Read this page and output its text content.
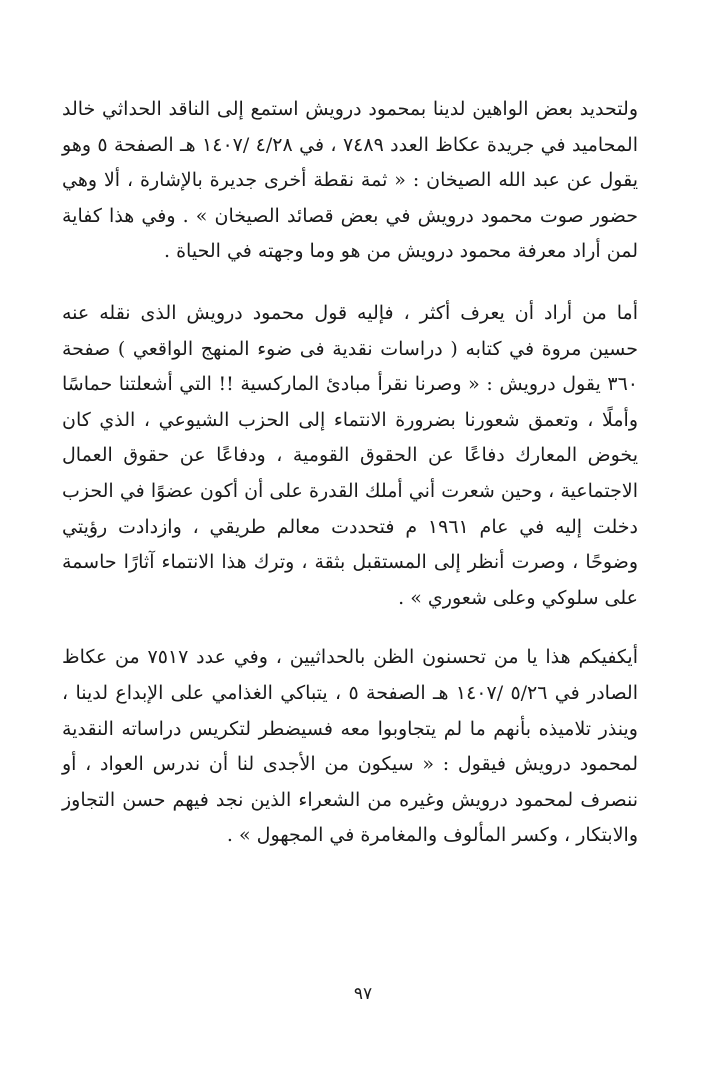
ولتحديد بعض الواهين لدينا بمحمود درويش استمع إلى الناقد الحداثي خالد المحاميد في جريدة عكاظ العدد ٧٤٨٩ ، في ٤/٢٨ /١٤٠٧ هـ الصفحة ٥ وهو يقول عن عبد الله الصيخان : « ثمة نقطة أخرى جديرة بالإشارة ، ألا وهي حضور صوت محمود درويش في بعض قصائد الصيخان » . وفي هذا كفاية لمن أراد معرفة محمود درويش من هو وما وجهته في الحياة .

أما من أراد أن يعرف أكثر ، فإليه قول محمود درويش الذى نقله عنه حسين مروة في كتابه ( دراسات نقدية فى ضوء المنهج الواقعي ) صفحة ٣٦٠ يقول درويش : « وصرنا نقرأ مبادیٔ الماركسية !! التي أشعلتنا حماسًا وأملًا ، وتعمق شعورنا بضرورة الانتماء إلى الحزب الشيوعي ، الذي كان يخوض المعارك دفاعًا عن الحقوق القومية ، ودفاعًا عن حقوق العمال الاجتماعية ، وحين شعرت أني أملك القدرة على أن أكون عضوًا في الحزب دخلت إليه في عام ١٩٦١ م فتحددت معالم طريقي ، وازدادت رؤيتي وضوحًا ، وصرت أنظر إلى المستقبل بثقة ، وترك هذا الانتماء آثارًا حاسمة على سلوكي وعلى شعوري » .

أيكفيكم هذا يا من تحسنون الظن بالحداثيين ، وفي عدد ٧٥١٧ من عكاظ الصادر في ٥/٢٦ /١٤٠٧ هـ الصفحة ٥ ، يتباكي الغذامي على الإبداع لدينا ، وينذر تلاميذه بأنهم ما لم يتجاوبوا معه فسيضطر لتكريس دراساته النقدية لمحمود درويش فيقول : « سيكون من الأجدى لنا أن ندرس العواد ، أو ننصرف لمحمود درويش وغيره من الشعراء الذين نجد فيهم حسن التجاوز والابتكار ، وكسر المألوف والمغامرة في المجهول » .

٩٧
